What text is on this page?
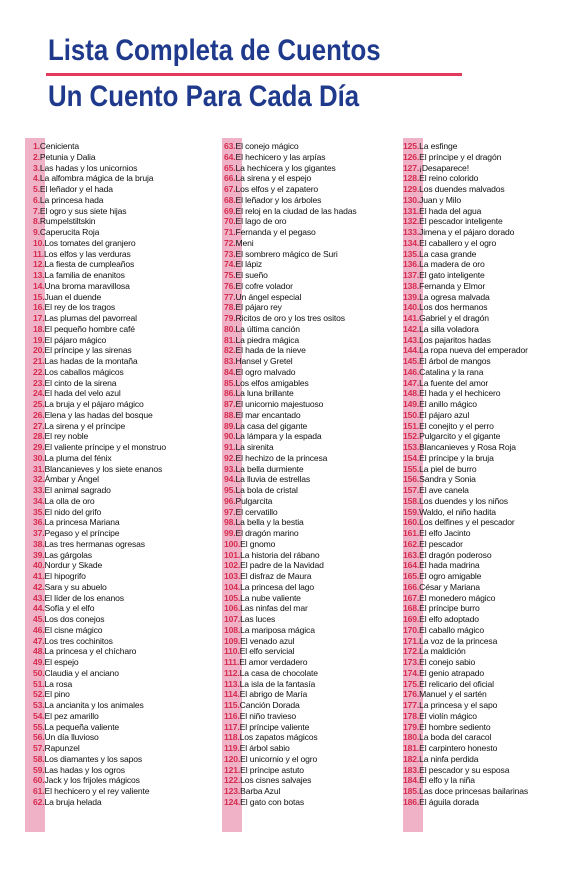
Lista Completa de Cuentos
Un Cuento Para Cada Día
1.Cenicienta
2.Petunia y Dalia
3.Las hadas y los unicornios
4.La alfombra mágica de la bruja
5.El leñador y el hada
6.La princesa hada
7.El ogro y sus siete hijas
8.Rumpelstiltskin
9.Caperucita Roja
10.Los tomates del granjero
11.Los elfos y las verduras
12.La fiesta de cumpleaños
13.La familia de enanitos
14.Una broma maravillosa
15.Juan el duende
16.El rey de los tragos
17.Las plumas del pavorreal
18.El pequeño hombre café
19.El pájaro mágico
20.El príncipe y las sirenas
21.Las hadas de la montaña
22.Los caballos mágicos
23.El cinto de la sirena
24.El hada del velo azul
25.La bruja y el pájaro mágico
26.Elena y las hadas del bosque
27.La sirena y el príncipe
28.El rey noble
29.El valiente príncipe y el monstruo
30.La pluma del fénix
31.Blancanieves y los siete enanos
32.Ámbar y Ángel
33.El animal sagrado
34.La olla de oro
35.El nido del grifo
36.La princesa Mariana
37.Pegaso y el príncipe
38.Las tres hermanas ogresas
39.Las gárgolas
40.Nordur y Skade
41.El hipogrifo
42.Sara y su abuelo
43.El líder de los enanos
44.Sofía y el elfo
45.Los dos conejos
46.El cisne mágico
47.Los tres cochinitos
48.La princesa y el chícharo
49.El espejo
50.Claudia y el anciano
51.La rosa
52.El pino
53.La ancianita y los animales
54.El pez amarillo
55.La pequeña valiente
56.Un día lluvioso
57.Rapunzel
58.Los diamantes y los sapos
59.Las hadas y los ogros
60.Jack y los frijoles mágicos
61.El hechicero y el rey valiente
62.La bruja helada
63.El conejo mágico
64.El hechicero y las arpías
65.La hechicera y los gigantes
66.La sirena y el espejo
67.Los elfos y el zapatero
68.El leñador y los árboles
69.El reloj en la ciudad de las hadas
70.El lago de oro
71.Fernanda y el pegaso
72.Meni
73.El sombrero mágico de Suri
74.El lápiz
75.El sueño
76.El cofre volador
77.Un ángel especial
78.El pájaro rey
79.Ricitos de oro y los tres ositos
80.La última canción
81.La piedra mágica
82.El hada de la nieve
83.Hansel y Gretel
84.El ogro malvado
85.Los elfos amigables
86.La luna brillante
87.El unicornio majestuoso
88.El mar encantado
89.La casa del gigante
90.La lámpara y la espada
91.La sirenita
92.El hechizo de la princesa
93.La bella durmiente
94.La lluvia de estrellas
95.La bola de cristal
96.Pulgarcita
97.El cervatillo
98.La bella y la bestia
99.El dragón marino
100.El gnomo
101.La historia del rábano
102.El padre de la Navidad
103.El disfraz de Maura
104.La princesa del lago
105.La nube valiente
106.Las ninfas del mar
107.Las luces
108.La mariposa mágica
109.El venado azul
110.El elfo servicial
111.El amor verdadero
112.La casa de chocolate
113.La isla de la fantasía
114.El abrigo de María
115.Canción Dorada
116.El niño travieso
117.El príncipe valiente
118.Los zapatos mágicos
119.El árbol sabio
120.El unicornio y el ogro
121.El príncipe astuto
122.Los cisnes salvajes
123.Barba Azul
124.El gato con botas
125.La esfinge
126.El príncipe y el dragón
127.¡Desaparece!
128.El reino colorido
129.Los duendes malvados
130.Juan y Milo
131.El hada del agua
132.El pescador inteligente
133.Jimena y el pájaro dorado
134.El caballero y el ogro
135.La casa grande
136.La madera de oro
137.El gato inteligente
138.Fernanda y Elmor
139.La ogresa malvada
140.Los dos hermanos
141.Gabriel y el dragón
142.La silla voladora
143.Los pajaritos hadas
144.La ropa nueva del emperador
145.El árbol de mangos
146.Catalina y la rana
147.La fuente del amor
148.El hada y el hechicero
149.El anillo mágico
150.El pájaro azul
151.El conejito y el perro
152.Pulgarcito y el gigante
153.Blancanieves y Rosa Roja
154.El príncipe y la bruja
155.La piel de burro
156.Sandra y Sonia
157.El ave canela
158.Los duendes y los niños
159.Waldo, el niño hadita
160.Los delfines y el pescador
161.El elfo Jacinto
162.El pescador
163.El dragón poderoso
164.El hada madrina
165.El ogro amigable
166.César y Mariana
167.El monedero mágico
168.El príncipe burro
169.El elfo adoptado
170.El caballo mágico
171.La voz de la princesa
172.La maldición
173.El conejo sabio
174.El genio atrapado
175.El relicario del oficial
176.Manuel y el sartén
177.La princesa y el sapo
178.El violín mágico
179.El hombre sediento
180.La boda del caracol
181.El carpintero honesto
182.La ninfa perdida
183.El pescador y su esposa
184.El elfo y la niña
185.Las doce princesas bailarinas
186.El águila dorada
